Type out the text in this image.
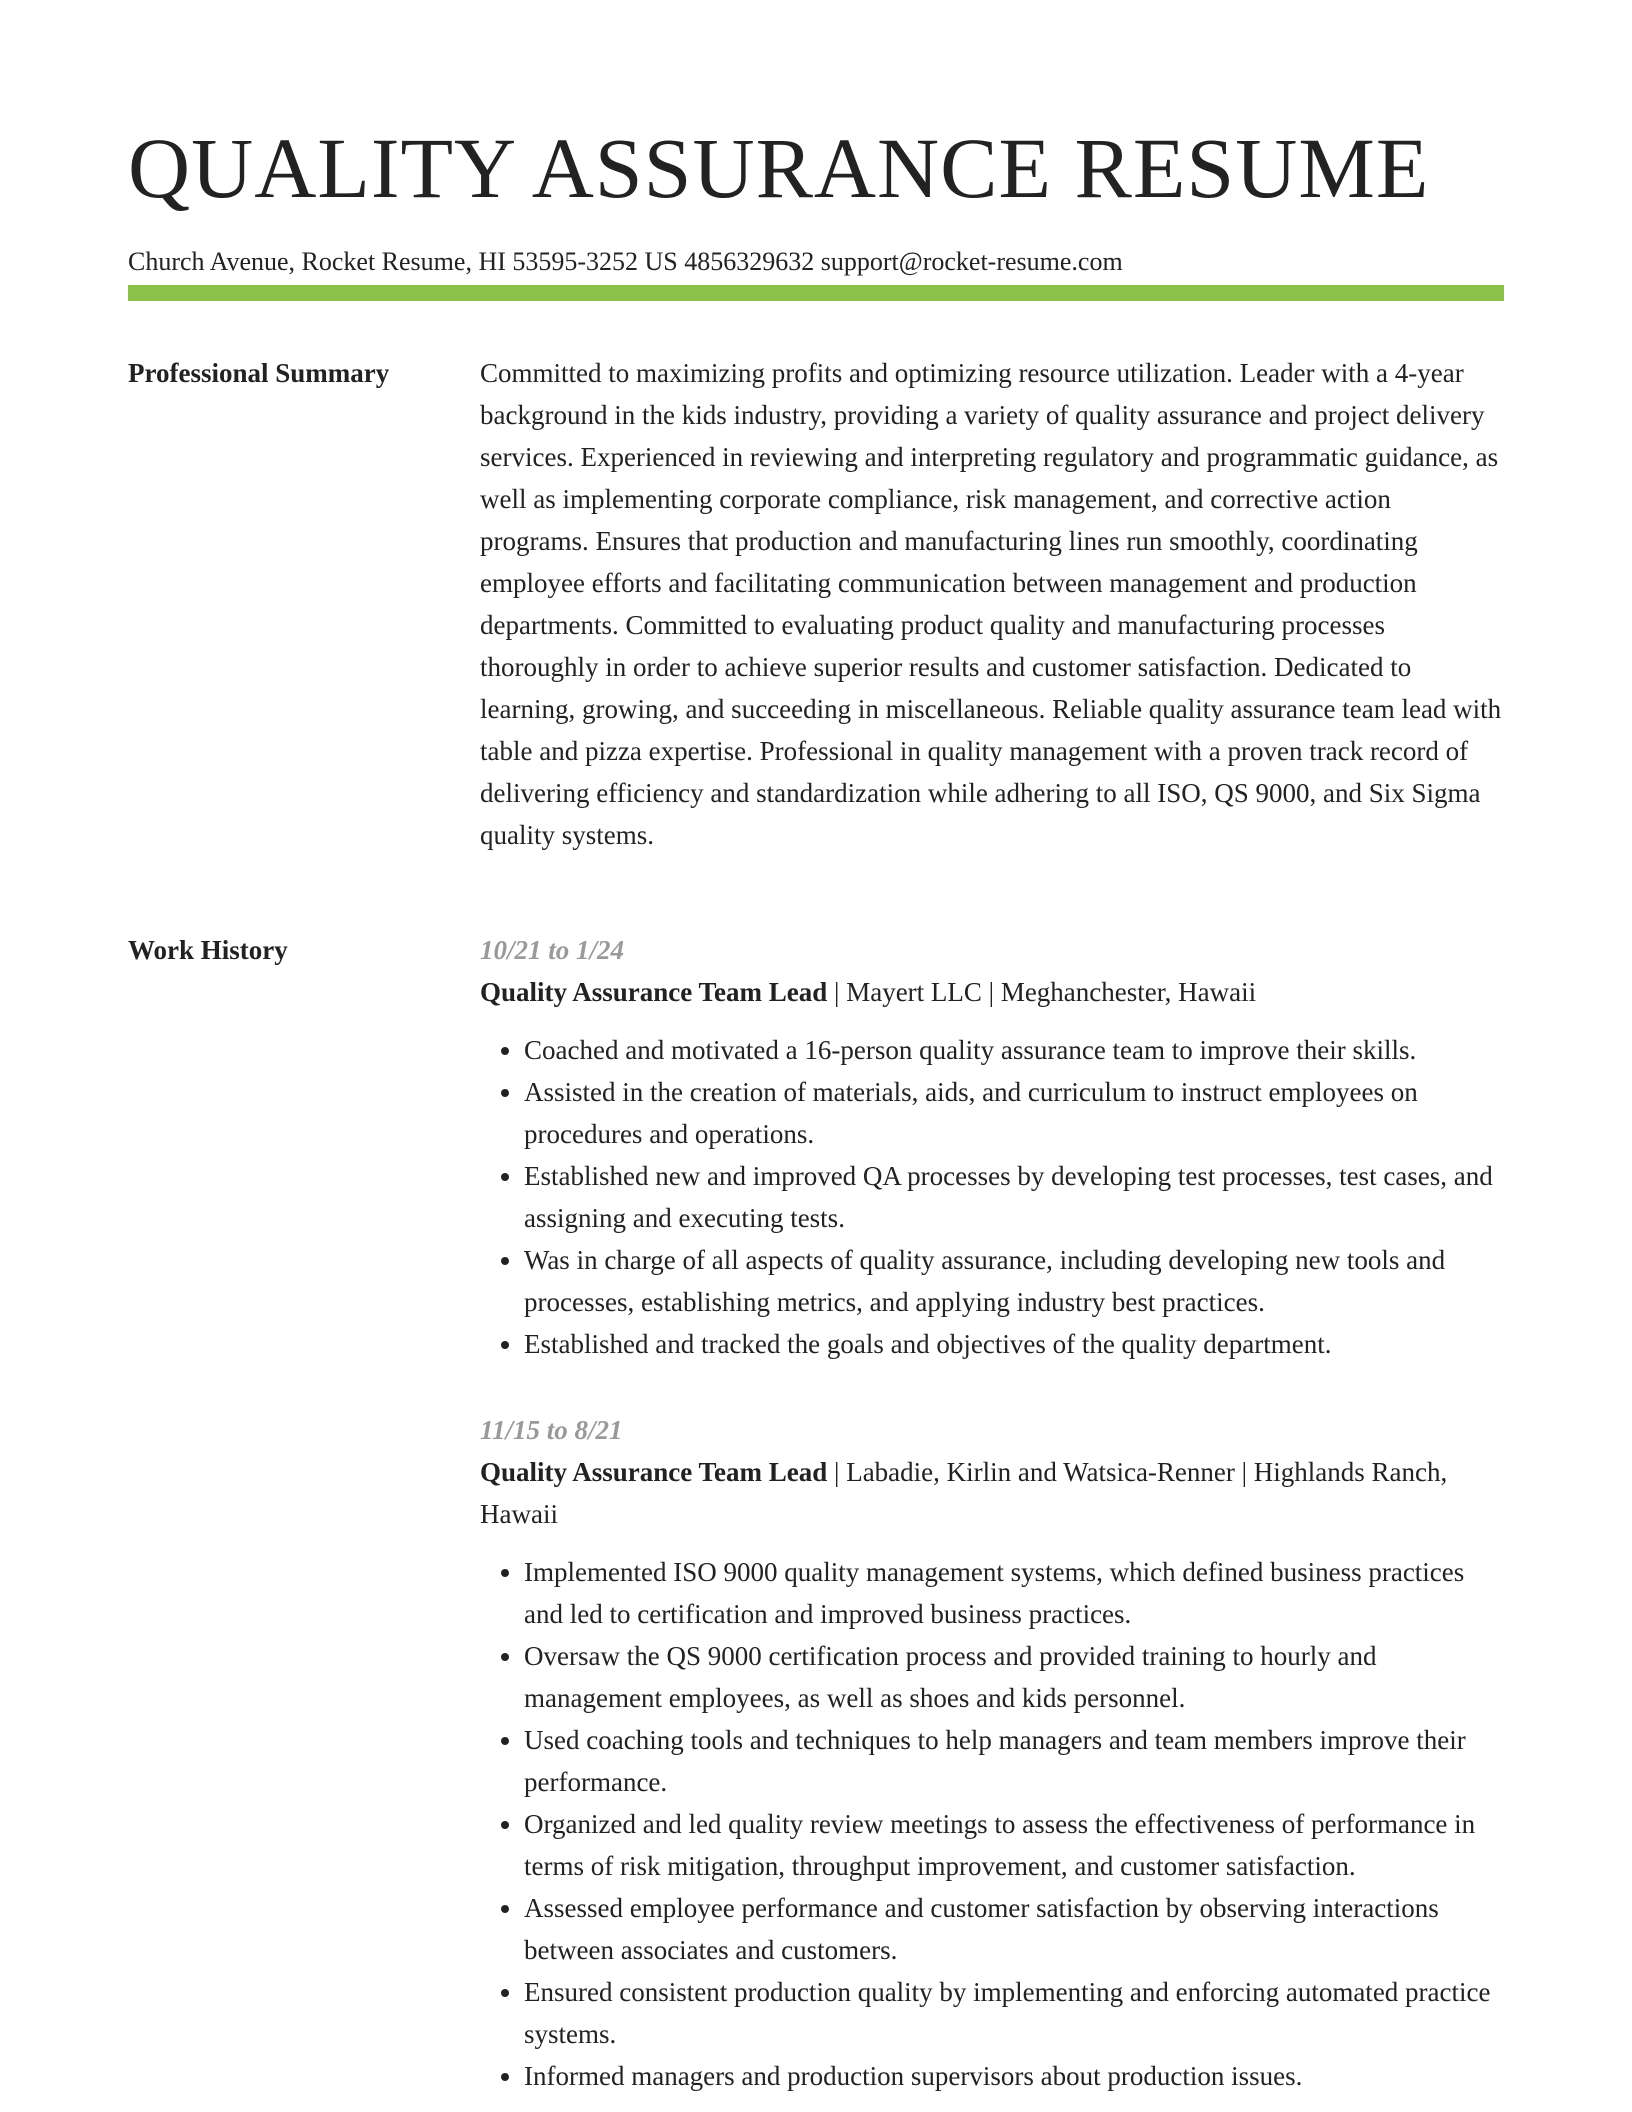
QUALITY ASSURANCE RESUME
Church Avenue, Rocket Resume, HI 53595-3252 US 4856329632 support@rocket-resume.com
Professional Summary	Committed to maximizing profits and optimizing resource utilization. Leader with a 4-year background in the kids industry, providing a variety of quality assurance and project delivery services. Experienced in reviewing and interpreting regulatory and programmatic guidance, as well as implementing corporate compliance, risk management, and corrective action programs. Ensures that production and manufacturing lines run smoothly, coordinating employee efforts and facilitating communication between management and production departments. Committed to evaluating product quality and manufacturing processes thoroughly in order to achieve superior results and customer satisfaction. Dedicated to learning, growing, and succeeding in miscellaneous. Reliable quality assurance team lead with table and pizza expertise. Professional in quality management with a proven track record of delivering efficiency and standardization while adhering to all ISO, QS 9000, and Six Sigma quality systems.

Work History	10/21 to 1/24
Quality Assurance Team Lead | Mayert LLC | Meghanchester, Hawaii
• Coached and motivated a 16-person quality assurance team to improve their skills.
• Assisted in the creation of materials, aids, and curriculum to instruct employees on procedures and operations.
• Established new and improved QA processes by developing test processes, test cases, and assigning and executing tests.
• Was in charge of all aspects of quality assurance, including developing new tools and processes, establishing metrics, and applying industry best practices.
• Established and tracked the goals and objectives of the quality department.
11/15 to 8/21
Quality Assurance Team Lead | Labadie, Kirlin and Watsica-Renner | Highlands Ranch, Hawaii
• Implemented ISO 9000 quality management systems, which defined business practices and led to certification and improved business practices.
• Oversaw the QS 9000 certification process and provided training to hourly and management employees, as well as shoes and kids personnel.
• Used coaching tools and techniques to help managers and team members improve their performance.
• Organized and led quality review meetings to assess the effectiveness of performance in terms of risk mitigation, throughput improvement, and customer satisfaction.
• Assessed employee performance and customer satisfaction by observing interactions between associates and customers.
• Ensured consistent production quality by implementing and enforcing automated practice systems.
• Informed managers and production supervisors about production issues.
